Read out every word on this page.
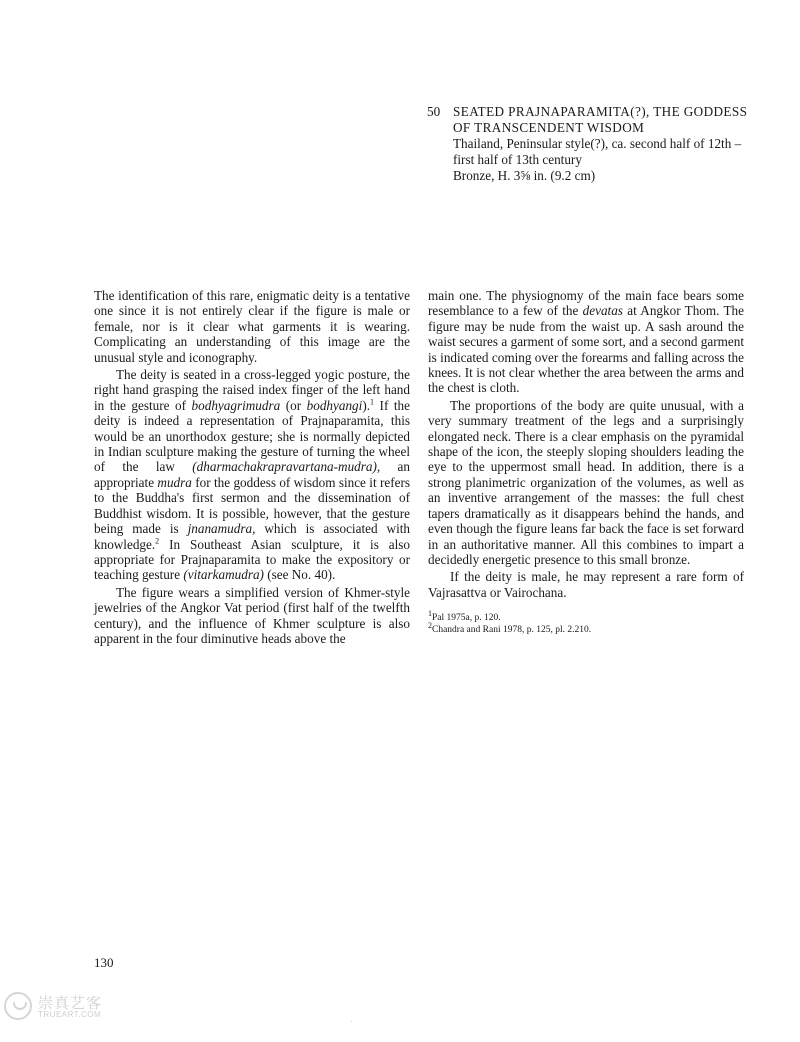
50 SEATED PRAJNAPARAMITA(?), THE GODDESS
OF TRANSCENDENT WISDOM
Thailand, Peninsular style(?), ca. second half of 12th – first half of 13th century
Bronze, H. 3⅝ in. (9.2 cm)

The identification of this rare, enigmatic deity is a tentative one since it is not entirely clear if the figure is male or female, nor is it clear what garments it is wearing. Complicating an understanding of this image are the unusual style and iconography.

The deity is seated in a cross-legged yogic posture, the right hand grasping the raised index finger of the left hand in the gesture of bodhyagrimudra (or bodhyangi).$^1$ If the deity is indeed a representation of Prajnaparamita, this would be an unorthodox gesture; she is normally depicted in Indian sculpture making the gesture of turning the wheel of the law (dharmachakrapravartana-mudra), an appropriate mudra for the goddess of wisdom since it refers to the Buddha's first sermon and the dissemination of Buddhist wisdom. It is possible, however, that the gesture being made is jnanamudra, which is associated with knowledge.$^2$ In Southeast Asian sculpture, it is also appropriate for Prajnaparamita to make the expository or teaching gesture (vitarkamudra) (see No. 40).

The figure wears a simplified version of Khmer-style jewelries of the Angkor Vat period (first half of the twelfth century), and the influence of Khmer sculpture is also apparent in the four diminutive heads above the

main one. The physiognomy of the main face bears some resemblance to a few of the devatas at Angkor Thom. The figure may be nude from the waist up. A sash around the waist secures a garment of some sort, and a second garment is indicated coming over the forearms and falling across the knees. It is not clear whether the area between the arms and the chest is cloth.

The proportions of the body are quite unusual, with a very summary treatment of the legs and a surprisingly elongated neck. There is a clear emphasis on the pyramidal shape of the icon, the steeply sloping shoulders leading the eye to the uppermost small head. In addition, there is a strong planimetric organization of the volumes, as well as an inventive arrangement of the masses: the full chest tapers dramatically as it disappears behind the hands, and even though the figure leans far back the face is set forward in an authoritative manner. All this combines to impart a decidedly energetic presence to this small bronze.

If the deity is male, he may represent a rare form of Vajrasattva or Vairochana.

$^1$Pal 1975a, p. 120.
$^2$Chandra and Rani 1978, p. 125, pl. 2.210.
130
崇真艺客
TRUEART.COM
·
